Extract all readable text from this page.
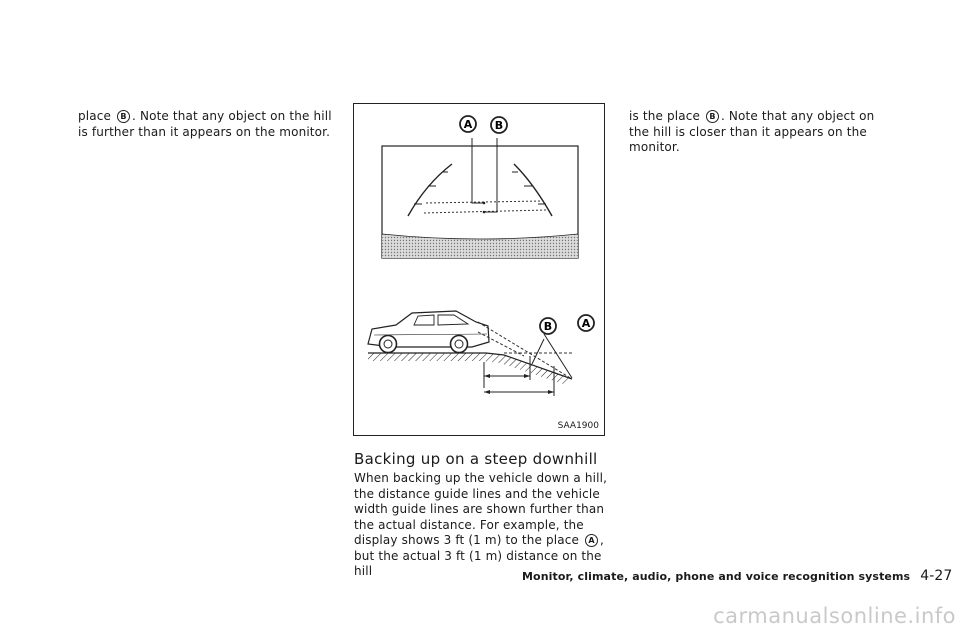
place B . Note that any object on the hill is further than it appears on the monitor.	A B
B	A
SAA1900
Backing up on a steep downhill

When backing up the vehicle down a hill, the distance guide lines and the vehicle width guide lines are shown further than the actual distance. For example, the display shows 3 ft (1 m) to the place A , but the actual 3 ft (1 m) distance on the hill

is the place B . Note that any object on the hill is closer than it appears on the monitor.

Monitor, climate, audio, phone and voice recognition systems 4-27
carmanualsonline.info
